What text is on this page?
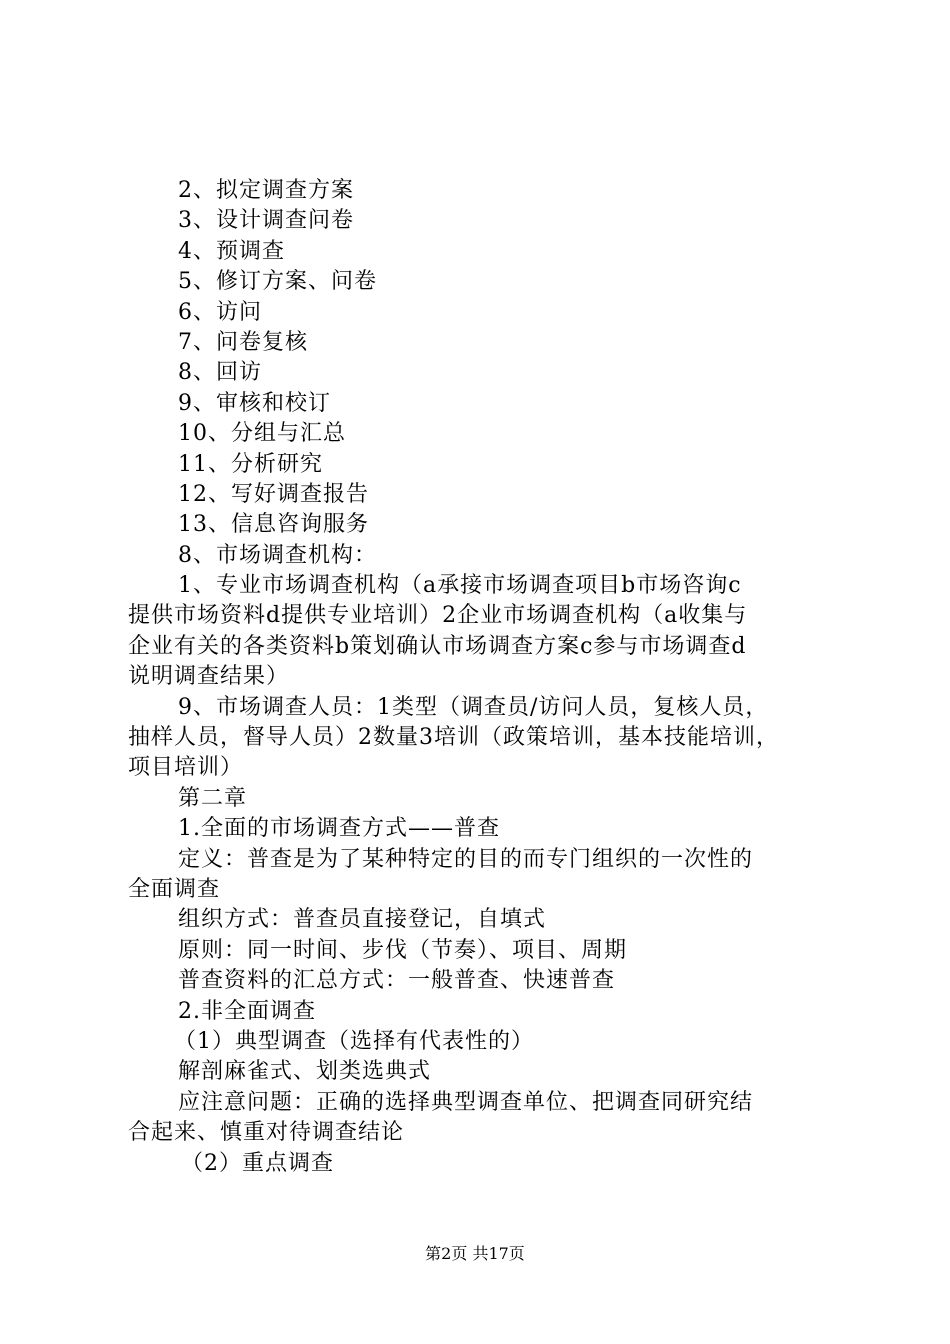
2、拟定调查方案
3、设计调查问卷
4、预调查
5、修订方案、问卷
6、访问
7、问卷复核
8、回访
9、审核和校订
10、分组与汇总
11、分析研究
12、写好调查报告
13、信息咨询服务
8、市场调查机构：
1、专业市场调查机构（a承接市场调查项目b市场咨询c
提供市场资料d提供专业培训）2企业市场调查机构（a收集与
企业有关的各类资料b策划确认市场调查方案c参与市场调查d
说明调查结果）
9、市场调查人员：1类型（调查员/访问人员，复核人员，
抽样人员，督导人员）2数量3培训（政策培训，基本技能培训，
项目培训）
第二章
1.全面的市场调查方式——普查
定义：普查是为了某种特定的目的而专门组织的一次性的
全面调查
组织方式：普查员直接登记，自填式
原则：同一时间、步伐（节奏）、项目、周期
普查资料的汇总方式：一般普查、快速普查
2.非全面调查
（1）典型调查（选择有代表性的）
解剖麻雀式、划类选典式
应注意问题：正确的选择典型调查单位、把调查同研究结
合起来、慎重对待调查结论
（2）重点调查
第2页 共17页
